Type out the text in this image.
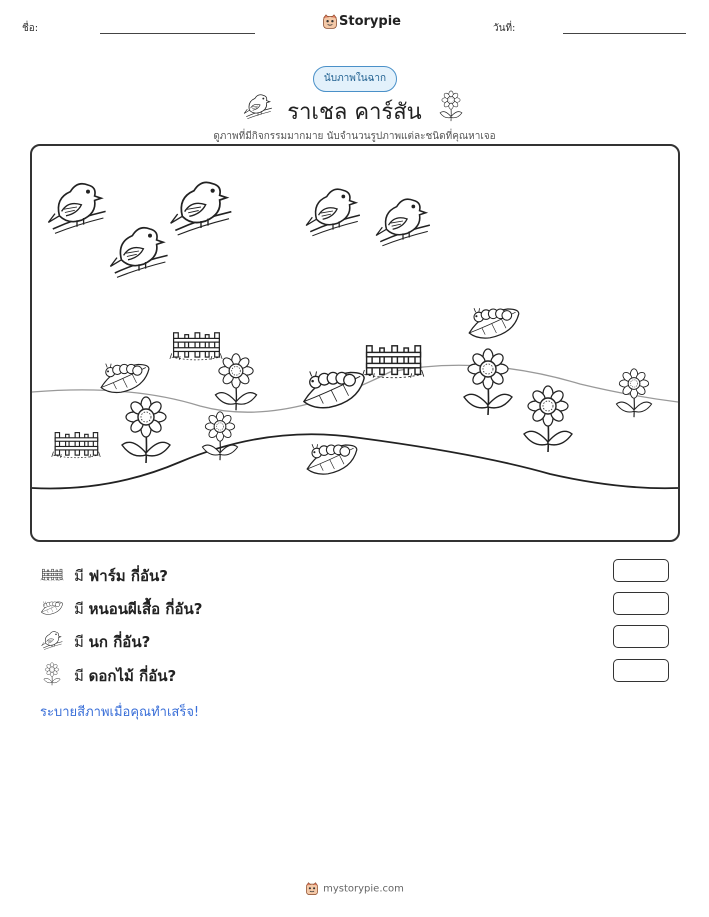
ชื่อ:	Storypie	วันที่:
นับภาพในฉาก
ราเชล คาร์สัน
ดูภาพที่มีกิจกรรมมากมาย นับจำนวนรูปภาพแต่ละชนิดที่คุณหาเจอ
มี ฟาร์ม กี่อัน?
มี หนอนผีเสื้อ กี่อัน?
มี นก กี่อัน?
มี ดอกไม้ กี่อัน?
ระบายสีภาพเมื่อคุณทำเสร็จ!
mystorypie.com
